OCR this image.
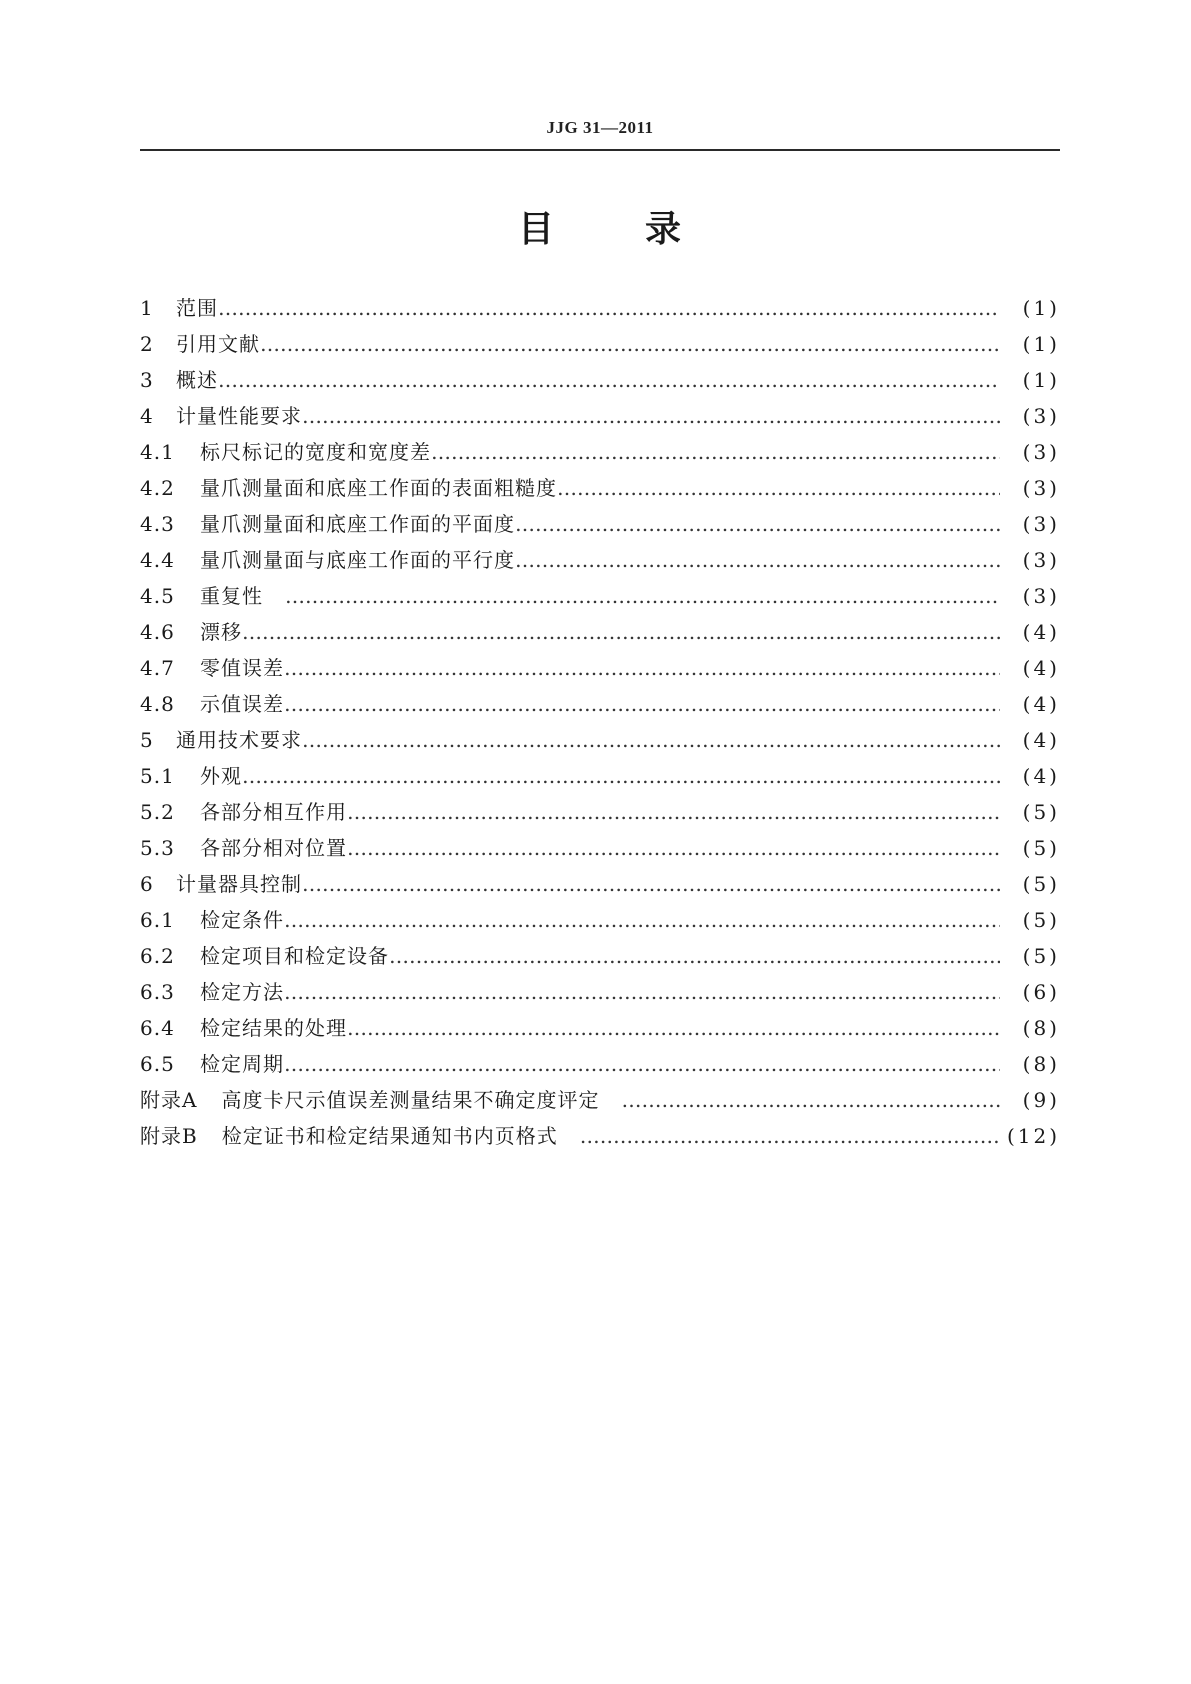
JJG 31—2011
目	录
1	范围 ……………………………………………………………………………………………………………………………………………………………………………………………………	(1)
2	引用文献 ……………………………………………………………………………………………………………………………………………………………………………………………………	(1)
3	概述 ……………………………………………………………………………………………………………………………………………………………………………………………………	(1)
4	计量性能要求 ……………………………………………………………………………………………………………………………………………………………………………………………………	(3)
4.1	标尺标记的宽度和宽度差 ……………………………………………………………………………………………………………………………………………………………………………………………………	(3)
4.2	量爪测量面和底座工作面的表面粗糙度 ……………………………………………………………………………………………………………………………………………………………………………………………………	(3)
4.3	量爪测量面和底座工作面的平面度 ……………………………………………………………………………………………………………………………………………………………………………………………………	(3)
4.4	量爪测量面与底座工作面的平行度 ……………………………………………………………………………………………………………………………………………………………………………………………………	(3)
4.5	重复性 ……………………………………………………………………………………………………………………………………………………………………………………………………	(3)
4.6	漂移 ……………………………………………………………………………………………………………………………………………………………………………………………………	(4)
4.7	零值误差 ……………………………………………………………………………………………………………………………………………………………………………………………………	(4)
4.8	示值误差 ……………………………………………………………………………………………………………………………………………………………………………………………………	(4)
5	通用技术要求 ……………………………………………………………………………………………………………………………………………………………………………………………………	(4)
5.1	外观 ……………………………………………………………………………………………………………………………………………………………………………………………………	(4)
5.2	各部分相互作用 ……………………………………………………………………………………………………………………………………………………………………………………………………	(5)
5.3	各部分相对位置 ……………………………………………………………………………………………………………………………………………………………………………………………………	(5)
6	计量器具控制 ……………………………………………………………………………………………………………………………………………………………………………………………………	(5)
6.1	检定条件 ……………………………………………………………………………………………………………………………………………………………………………………………………	(5)
6.2	检定项目和检定设备 ……………………………………………………………………………………………………………………………………………………………………………………………………	(5)
6.3	检定方法 ……………………………………………………………………………………………………………………………………………………………………………………………………	(6)
6.4	检定结果的处理 ……………………………………………………………………………………………………………………………………………………………………………………………………	(8)
6.5	检定周期 ……………………………………………………………………………………………………………………………………………………………………………………………………	(8)
附录A 高度卡尺示值误差测量结果不确定度评定 ……………………………………………………………………………………………………………………………………………………………………………………………………	(9)
附录B 检定证书和检定结果通知书内页格式 ……………………………………………………………………………………………………………………………………………………………………………………………………	(12)
